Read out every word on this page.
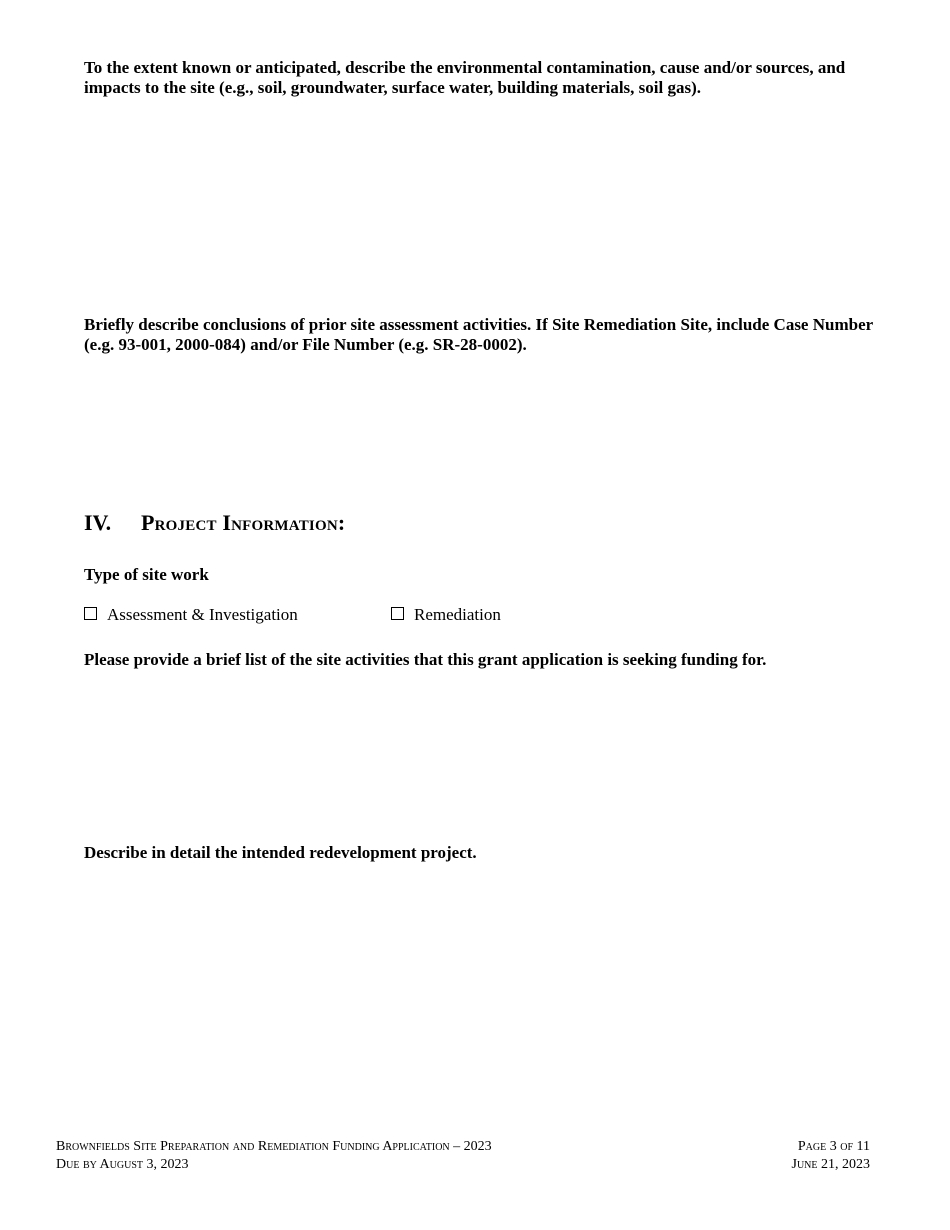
To the extent known or anticipated, describe the environmental contamination, cause and/or sources, and impacts to the site (e.g., soil, groundwater, surface water, building materials, soil gas).

Briefly describe conclusions of prior site assessment activities. If Site Remediation Site, include Case Number (e.g. 93-001, 2000-084) and/or File Number (e.g. SR-28-0002).

IV.	Project Information:

Type of site work

Assessment & Investigation	Remediation

Please provide a brief list of the site activities that this grant application is seeking funding for.

Describe in detail the intended redevelopment project.

Brownfields Site Preparation and Remediation Funding Application – 2023	Page 3 of 11
Due by August 3, 2023	June 21, 2023
